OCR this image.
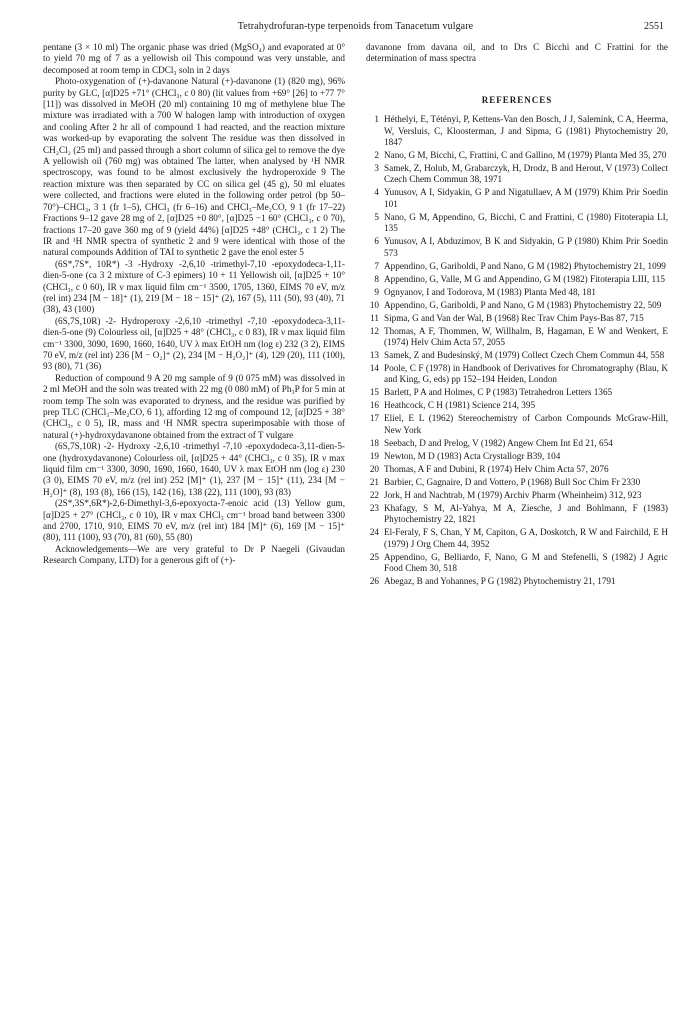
Tetrahydrofuran-type terpenoids from Tanacetum vulgare	2551

pentane (3 × 10 ml) The organic phase was dried (MgSO₄) and evaporated at 0° to yield 70 mg of 7 as a yellowish oil This compound was very unstable, and decomposed at room temp in CDCl₃ soln in 2 days

Photo-oxygenation of (+)-davanone Natural (+)-davanone (1) (820 mg), 96% purity by GLC, [α]D25 +71° (CHCl₃, c 0 80) (lit values from +69° [26] to +77 7° [11]) was dissolved in MeOH (20 ml) containing 10 mg of methylene blue The mixture was irradiated with a 700 W halogen lamp with introduction of oxygen and cooling After 2 hr all of compound 1 had reacted, and the reaction mixture was worked-up by evaporating the solvent The residue was then dissolved in CH₂Cl₂ (25 ml) and passed through a short column of silica gel to remove the dye A yellowish oil (760 mg) was obtained The latter, when analysed by ¹H NMR spectroscopy, was found to be almost exclusively the hydroperoxide 9 The reaction mixture was then separated by CC on silica gel (45 g), 50 ml eluates were collected, and fractions were eluted in the following order petrol (bp 50–70°)–CHCl₃, 3 1 (fr 1–5), CHCl₃ (fr 6–16) and CHCl₃–Me₂CO, 9 1 (fr 17–22) Fractions 9–12 gave 28 mg of 2, [α]D25 +0 80°, [α]D25 −1 60° (CHCl₃, c 0 70), fractions 17–20 gave 360 mg of 9 (yield 44%) [α]D25 +48° (CHCl₃, c 1 2) The IR and ¹H NMR spectra of synthetic 2 and 9 were identical with those of the natural compounds Addition of TAI to synthetic 2 gave the enol ester 5

(6S*,7S*, 10R*) -3 -Hydroxy -2,6,10 -trimethyl-7,10 -epoxydodeca-1,11-dien-5-one (ca 3 2 mixture of C-3 epimers) 10 + 11 Yellowish oil, [α]D25 + 10° (CHCl₃, c 0 60), IR ν max liquid film cm⁻¹ 3500, 1705, 1360, EIMS 70 eV, m/z (rel int) 234 [M − 18]⁺ (1), 219 [M − 18 − 15]⁺ (2), 167 (5), 111 (50), 93 (40), 71 (38), 43 (100)

(6S,7S,10R) -2- Hydroperoxy -2,6,10 -trimethyl -7,10 -epoxydodeca-3,11-dien-5-one (9) Colourless oil, [α]D25 + 48° (CHCl₃, c 0 83), IR ν max liquid film cm⁻¹ 3300, 3090, 1690, 1660, 1640, UV λ max EtOH nm (log ε) 232 (3 2), EIMS 70 eV, m/z (rel int) 236 [M − O₂]⁺ (2), 234 [M − H₂O₂]⁺ (4), 129 (20), 111 (100), 93 (80), 71 (36)

Reduction of compound 9 A 20 mg sample of 9 (0 075 mM) was dissolved in 2 ml MeOH and the soln was treated with 22 mg (0 080 mM) of Ph₃P for 5 min at room temp The soln was evaporated to dryness, and the residue was purified by prep TLC (CHCl₃–Me₂CO, 6 1), affording 12 mg of compound 12, [α]D25 + 38° (CHCl₃, c 0 5), IR, mass and ¹H NMR spectra superimposable with those of natural (+)-hydroxydavanone obtained from the extract of T vulgare

(6S,7S,10R) -2- Hydroxy -2,6,10 -trimethyl -7,10 -epoxydodeca-3,11-dien-5-one (hydroxydavanone) Colourless oil, [α]D25 + 44° (CHCl₃, c 0 35), IR ν max liquid film cm⁻¹ 3300, 3090, 1690, 1660, 1640, UV λ max EtOH nm (log ε) 230 (3 0), EIMS 70 eV, m/z (rel int) 252 [M]⁺ (1), 237 [M − 15]⁺ (11), 234 [M − H₂O]⁺ (8), 193 (8), 166 (15), 142 (16), 138 (22), 111 (100), 93 (83)

(2S*,3S*,6R*)-2,6-Dimethyl-3,6-epoxyocta-7-enoic acid (13) Yellow gum, [α]D25 + 27° (CHCl₃, c 0 10), IR ν max CHCl₃ cm⁻¹ broad band between 3300 and 2700, 1710, 910, EIMS 70 eV, m/z (rel int) 184 [M]⁺ (6), 169 [M − 15]⁺ (80), 111 (100), 93 (70), 81 (60), 55 (80)

Acknowledgements—We are very grateful to Dr P Naegeli (Givaudan Research Company, LTD) for a generous gift of (+)-

davanone from davana oil, and to Drs C Bicchi and C Frattini for the determination of mass spectra

REFERENCES
1 Héthelyi, E, Tétényi, P, Kettens-Van den Bosch, J J, Salemink, C A, Heerma, W, Versluis, C, Kloosterman, J and Sipma, G (1981) Phytochemistry 20, 1847
2 Nano, G M, Bicchi, C, Frattini, C and Gallino, M (1979) Planta Med 35, 270
3 Samek, Z, Holub, M, Grabarczyk, H, Drodz, B and Herout, V (1973) Collect Czech Chem Commun 38, 1971
4 Yunusov, A I, Sidyakin, G P and Nigatullaev, A M (1979) Khim Prir Soedin 101
5 Nano, G M, Appendino, G, Bicchi, C and Frattini, C (1980) Fitoterapia LI, 135
6 Yunusov, A I, Abduzimov, B K and Sidyakin, G P (1980) Khim Prir Soedin 573
7 Appendino, G, Gariboldi, P and Nano, G M (1982) Phytochemistry 21, 1099
8 Appendino, G, Valle, M G and Appendino, G M (1982) Fitoterapia LIII, 115
9 Ognyanov, I and Todorova, M (1983) Planta Med 48, 181
10 Appendino, G, Gariboldi, P and Nano, G M (1983) Phytochemistry 22, 509
11 Sipma, G and Van der Wal, B (1968) Rec Trav Chim Pays-Bas 87, 715
12 Thomas, A F, Thommen, W, Willhalm, B, Hagaman, E W and Wenkert, E (1974) Helv Chim Acta 57, 2055
13 Samek, Z and Budesínský, M (1979) Collect Czech Chem Commun 44, 558
14 Poole, C F (1978) in Handbook of Derivatives for Chromatography (Blau, K and King, G, eds) pp 152–194 Heiden, London
15 Barlett, P A and Holmes, C P (1983) Tetrahedron Letters 1365
16 Heathcock, C H (1981) Science 214, 395
17 Eliel, E L (1962) Stereochemistry of Carbon Compounds McGraw-Hill, New York
18 Seebach, D and Prelog, V (1982) Angew Chem Int Ed 21, 654
19 Newton, M D (1983) Acta Crystallogr B39, 104
20 Thomas, A F and Dubini, R (1974) Helv Chim Acta 57, 2076
21 Barbier, C, Gagnaire, D and Vottero, P (1968) Bull Soc Chim Fr 2330
22 Jork, H and Nachtrab, M (1979) Archiv Pharm (Wheinheim) 312, 923
23 Khafagy, S M, Al-Yahya, M A, Ziesche, J and Bohlmann, F (1983) Phytochemistry 22, 1821
24 El-Feraly, F S, Chan, Y M, Capiton, G A, Doskotch, R W and Fairchild, E H (1979) J Org Chem 44, 3952
25 Appendino, G, Belliardo, F, Nano, G M and Stefenelli, S (1982) J Agric Food Chem 30, 518
26 Abegaz, B and Yohannes, P G (1982) Phytochemistry 21, 1791
